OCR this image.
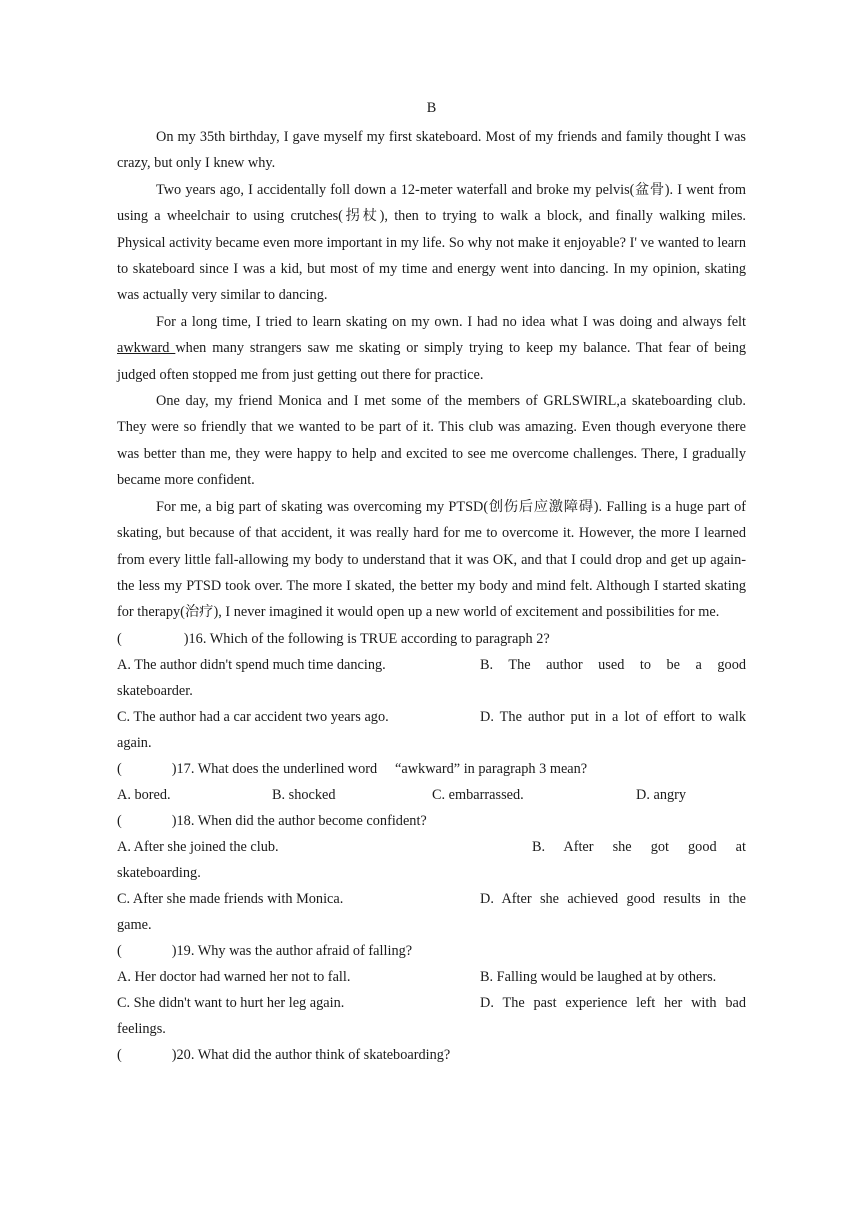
B

On my 35th birthday, I gave myself my first skateboard. Most of my friends and family thought I was crazy, but only I knew why.

Two years ago, I accidentally foll down a 12-meter waterfall and broke my pelvis(盆骨). I went from using a wheelchair to using crutches(拐杖), then to trying to walk a block, and finally walking miles. Physical activity became even more important in my life. So why not make it enjoyable? I' ve wanted to learn to skateboard since I was a kid, but most of my time and energy went into dancing. In my opinion, skating was actually very similar to dancing.

For a long time, I tried to learn skating on my own. I had no idea what I was doing and always felt awkward when many strangers saw me skating or simply trying to keep my balance. That fear of being judged often stopped me from just getting out there for practice.

One day, my friend Monica and I met some of the members of GRLSWIRL,a skateboarding club. They were so friendly that we wanted to be part of it. This club was amazing. Even though everyone there was better than me, they were happy to help and excited to see me overcome challenges. There, I gradually became more confident.

For me, a big part of skating was overcoming my PTSD(创伤后应激障碍). Falling is a huge part of skating, but because of that accident, it was really hard for me to overcome it. However, the more I learned from every little fall-allowing my body to understand that it was OK, and that I could drop and get up again-the less my PTSD took over. The more I skated, the better my body and mind felt. Although I started skating for therapy(治疗), I never imagined it would open up a new world of excitement and possibilities for me.

(	)16. Which of the following is TRUE according to paragraph 2?

A. The author didn't spend much time dancing.	B. The author used to be a good

skateboarder.

C. The author had a car accident two years ago.	D. The author put in a lot of effort to walk

again.

(	)17. What does the underlined word     “awkward” in paragraph 3 mean?

A. bored.	B. shocked	C. embarrassed.	D. angry

(	)18. When did the author become confident?

A. After she joined the club.	B. After she got good at

skateboarding.

C. After she made friends with Monica.	D. After she achieved good results in the

game.

(	)19. Why was the author afraid of falling?

A. Her doctor had warned her not to fall.	B. Falling would be laughed at by others.
C. She didn't want to hurt her leg again.	D. The past experience left her with bad

feelings.

(	)20. What did the author think of skateboarding?
